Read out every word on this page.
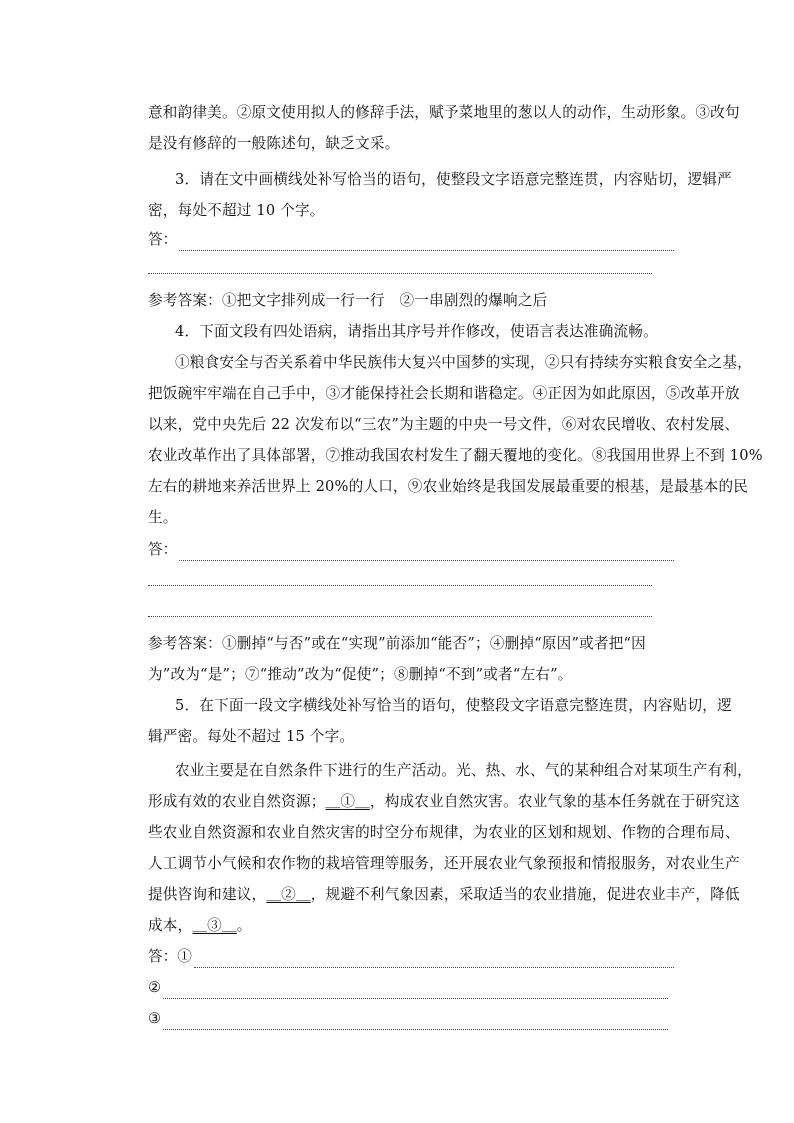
意和韵律美。②原文使用拟人的修辞手法，赋予菜地里的葱以人的动作，生动形象。③改句
是没有修辞的一般陈述句，缺乏文采。
3．请在文中画横线处补写恰当的语句，使整段文字语意完整连贯，内容贴切，逻辑严
密，每处不超过 10 个字。
答：
参考答案：①把文字排列成一行一行　②一串剧烈的爆响之后
4．下面文段有四处语病，请指出其序号并作修改，使语言表达准确流畅。
①粮食安全与否关系着中华民族伟大复兴中国梦的实现，②只有持续夯实粮食安全之基，
把饭碗牢牢端在自己手中，③才能保持社会长期和谐稳定。④正因为如此原因，⑤改革开放
以来，党中央先后 22 次发布以“三农”为主题的中央一号文件，⑥对农民增收、农村发展、
农业改革作出了具体部署，⑦推动我国农村发生了翻天覆地的变化。⑧我国用世界上不到 10%
左右的耕地来养活世界上 20%的人口，⑨农业始终是我国发展最重要的根基，是最基本的民
生。
答：
参考答案：①删掉“与否”或在“实现”前添加“能否”；④删掉“原因”或者把“因
为”改为“是”；⑦“推动”改为“促使”；⑧删掉“不到”或者“左右”。
5．在下面一段文字横线处补写恰当的语句，使整段文字语意完整连贯，内容贴切，逻
辑严密。每处不超过 15 个字。
农业主要是在自然条件下进行的生产活动。光、热、水、气的某种组合对某项生产有利，
形成有效的农业自然资源；＿①＿，构成农业自然灾害。农业气象的基本任务就在于研究这
些农业自然资源和农业自然灾害的时空分布规律，为农业的区划和规划、作物的合理布局、
人工调节小气候和农作物的栽培管理等服务，还开展农业气象预报和情报服务，对农业生产
提供咨询和建议，＿②＿，规避不利气象因素，采取适当的农业措施，促进农业丰产，降低
成本，＿③＿。
答：①
②
③
